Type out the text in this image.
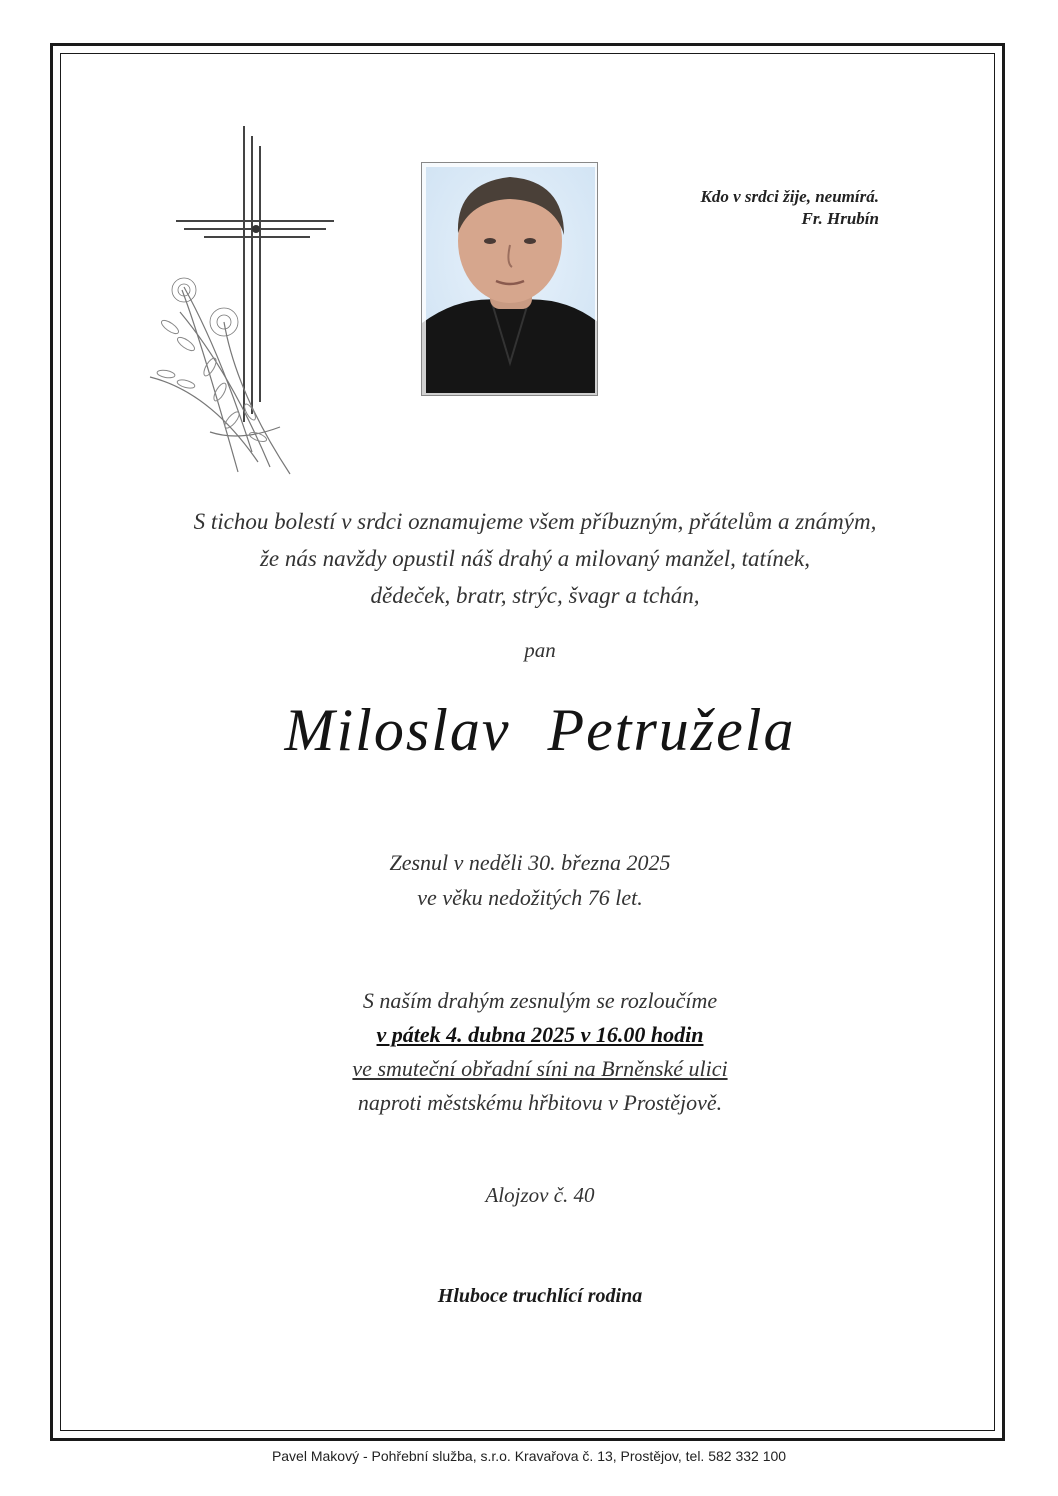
Kdo v srdci žije, neumírá.
Fr. Hrubín
S tichou bolestí v srdci oznamujeme všem příbuzným, přátelům a známým,
že nás navždy opustil náš drahý a milovaný manžel, tatínek,
dědeček, bratr, strýc, švagr a tchán,
pan
Miloslav Petružela
Zesnul v neděli 30. března 2025
ve věku nedožitých 76 let.
S naším drahým zesnulým se rozloučíme
v pátek 4. dubna 2025 v 16.00 hodin
ve smuteční obřadní síni na Brněnské ulici
naproti městskému hřbitovu v Prostějově.
Alojzov č. 40
Hluboce truchlící rodina
Pavel Makový - Pohřební služba, s.r.o. Kravařova č. 13, Prostějov, tel. 582 332 100
